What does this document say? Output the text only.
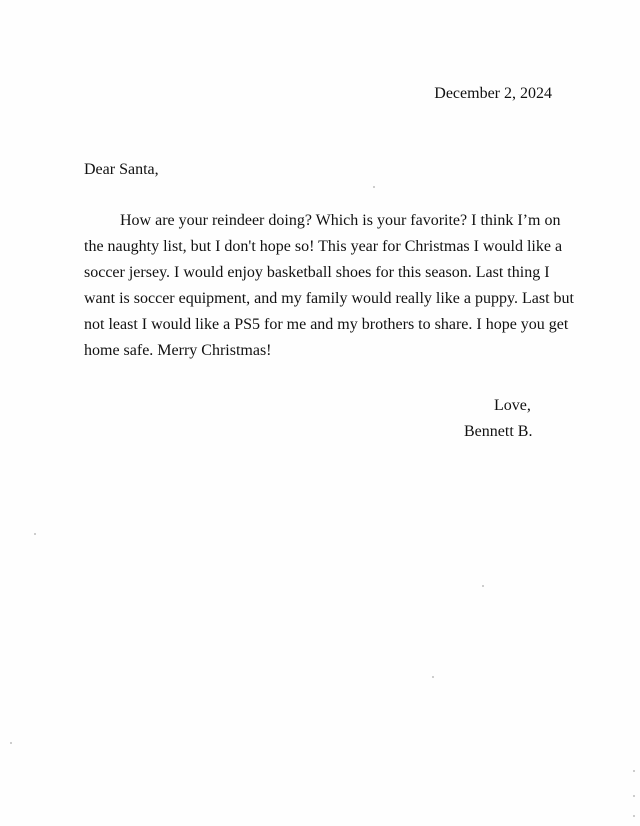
December 2, 2024
Dear Santa,
How are your reindeer doing? Which is your favorite? I think I’m on
the naughty list, but I don't hope so! This year for Christmas I would like a
soccer jersey. I would enjoy basketball shoes for this season. Last thing I
want is soccer equipment, and my family would really like a puppy. Last but
not least I would like a PS5 for me and my brothers to share. I hope you get
home safe. Merry Christmas!
Love,
Bennett B.
